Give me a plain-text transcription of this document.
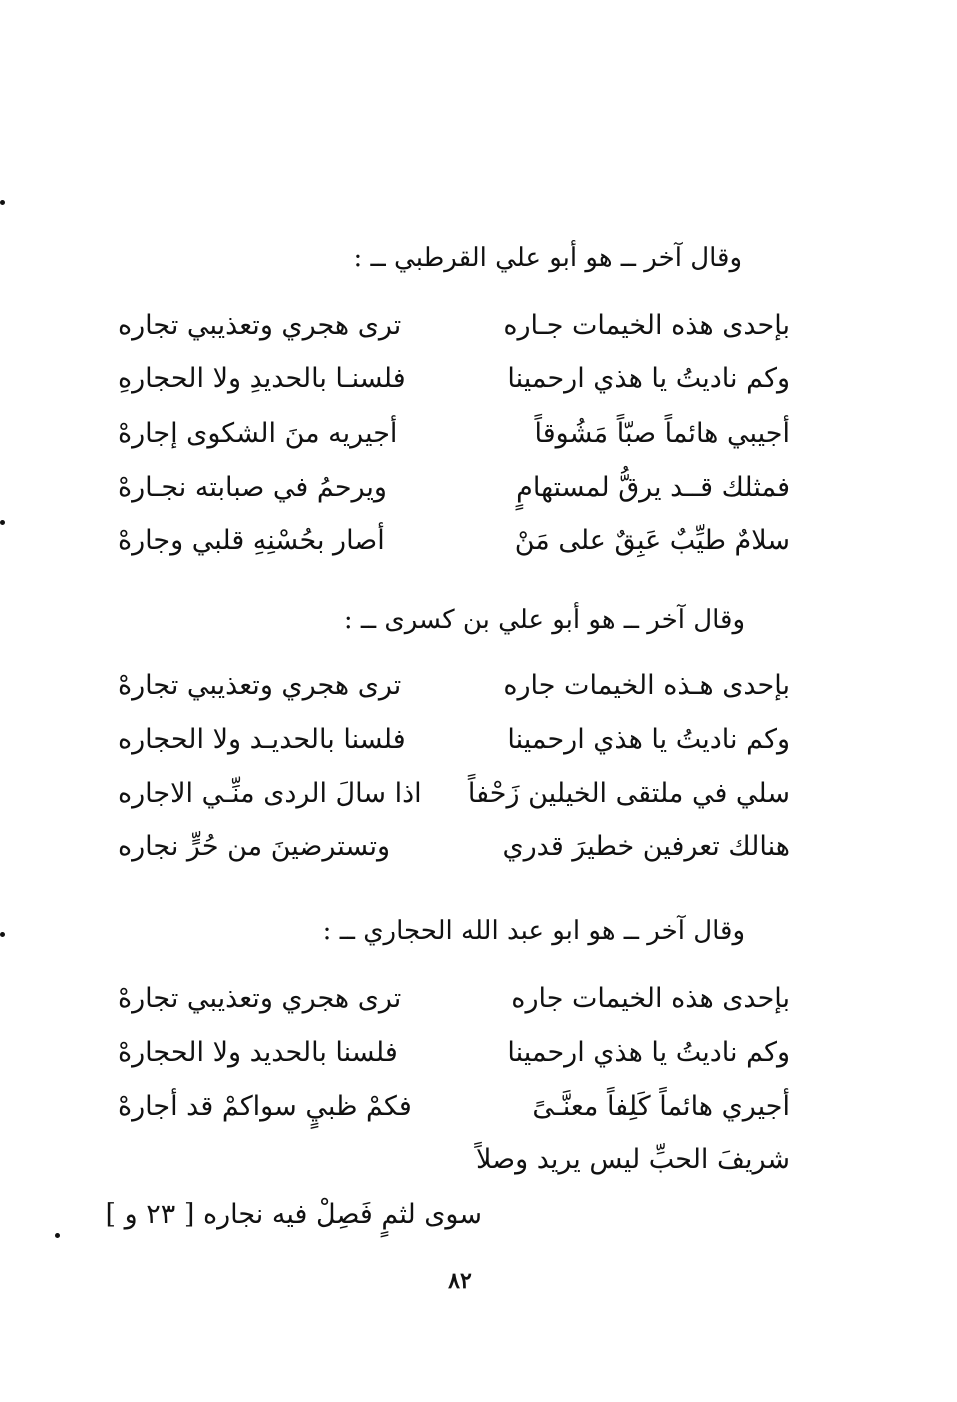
وقال آخر ــ هو أبو علي القرطبي ــ :
بإحدى هذه الخيمات جـاره
ترى هجري وتعذيبي تجاره
وكم ناديتُ يا هذي ارحمينا
فلسنـا بالحديدِ ولا الحجارهِ
أجيبي هائماً صبّاً مَشُوقاً
أجيريه منَ الشكوى إجارهْ
فمثلك قــد يرقُّ لمستهامٍ
ويرحمُ في صبابته نجـارهْ
سلامٌ طيِّبٌ عَبِقٌ على مَنْ
أصار بحُسْنِهِ قلبي وجارهْ
وقال آخر ــ هو أبو علي بن كسرى ــ :
بإحدى هـذه الخيمات جاره
ترى هجري وتعذيبي تجارهْ
وكم ناديتُ يا هذي ارحمينا
فلسنا بالحديـد ولا الحجاره
سلي في ملتقى الخيلين زَحْفاً
اذا سالَ الردى منِّـي الاجاره
هنالك تعرفين خطيرَ قدري
وتسترضينَ من حُرٍّ نجاره
وقال آخر ــ هو ابو عبد الله الحجاري ــ :
بإحدى هذه الخيمات جاره
ترى هجري وتعذيبي تجارهْ
وكم ناديتُ يا هذي ارحمينا
فلسنا بالحديد ولا الحجارهْ
أجيري هائماً كَلِفاً معنَّـىً
فكمْ ظبيٍ سواكمْ قد أجارهْ
شريفَ الحبِّ ليس يريد وصلاً
سوى لثمٍ فَصِلْ فيه نجاره [ ٢٣ و ]
٨٢
